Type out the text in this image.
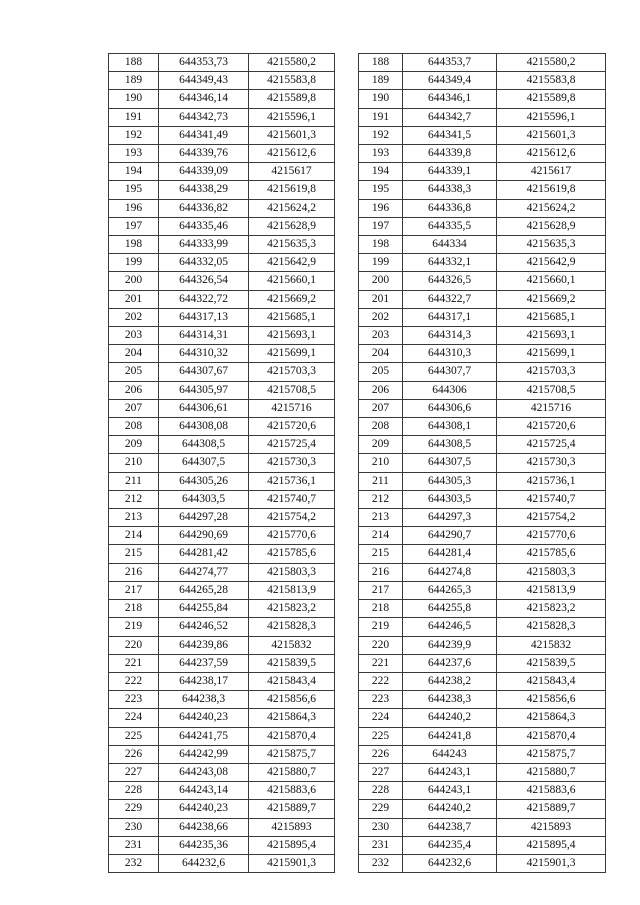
188	644353,73	4215580,2
189	644349,43	4215583,8
190	644346,14	4215589,8
191	644342,73	4215596,1
192	644341,49	4215601,3
193	644339,76	4215612,6
194	644339,09	4215617
195	644338,29	4215619,8
196	644336,82	4215624,2
197	644335,46	4215628,9
198	644333,99	4215635,3
199	644332,05	4215642,9
200	644326,54	4215660,1
201	644322,72	4215669,2
202	644317,13	4215685,1
203	644314,31	4215693,1
204	644310,32	4215699,1
205	644307,67	4215703,3
206	644305,97	4215708,5
207	644306,61	4215716
208	644308,08	4215720,6
209	644308,5	4215725,4
210	644307,5	4215730,3
211	644305,26	4215736,1
212	644303,5	4215740,7
213	644297,28	4215754,2
214	644290,69	4215770,6
215	644281,42	4215785,6
216	644274,77	4215803,3
217	644265,28	4215813,9
218	644255,84	4215823,2
219	644246,52	4215828,3
220	644239,86	4215832
221	644237,59	4215839,5
222	644238,17	4215843,4
223	644238,3	4215856,6
224	644240,23	4215864,3
225	644241,75	4215870,4
226	644242,99	4215875,7
227	644243,08	4215880,7
228	644243,14	4215883,6
229	644240,23	4215889,7
230	644238,66	4215893
231	644235,36	4215895,4
232	644232,6	4215901,3
188	644353,7	4215580,2
189	644349,4	4215583,8
190	644346,1	4215589,8
191	644342,7	4215596,1
192	644341,5	4215601,3
193	644339,8	4215612,6
194	644339,1	4215617
195	644338,3	4215619,8
196	644336,8	4215624,2
197	644335,5	4215628,9
198	644334	4215635,3
199	644332,1	4215642,9
200	644326,5	4215660,1
201	644322,7	4215669,2
202	644317,1	4215685,1
203	644314,3	4215693,1
204	644310,3	4215699,1
205	644307,7	4215703,3
206	644306	4215708,5
207	644306,6	4215716
208	644308,1	4215720,6
209	644308,5	4215725,4
210	644307,5	4215730,3
211	644305,3	4215736,1
212	644303,5	4215740,7
213	644297,3	4215754,2
214	644290,7	4215770,6
215	644281,4	4215785,6
216	644274,8	4215803,3
217	644265,3	4215813,9
218	644255,8	4215823,2
219	644246,5	4215828,3
220	644239,9	4215832
221	644237,6	4215839,5
222	644238,2	4215843,4
223	644238,3	4215856,6
224	644240,2	4215864,3
225	644241,8	4215870,4
226	644243	4215875,7
227	644243,1	4215880,7
228	644243,1	4215883,6
229	644240,2	4215889,7
230	644238,7	4215893
231	644235,4	4215895,4
232	644232,6	4215901,3
